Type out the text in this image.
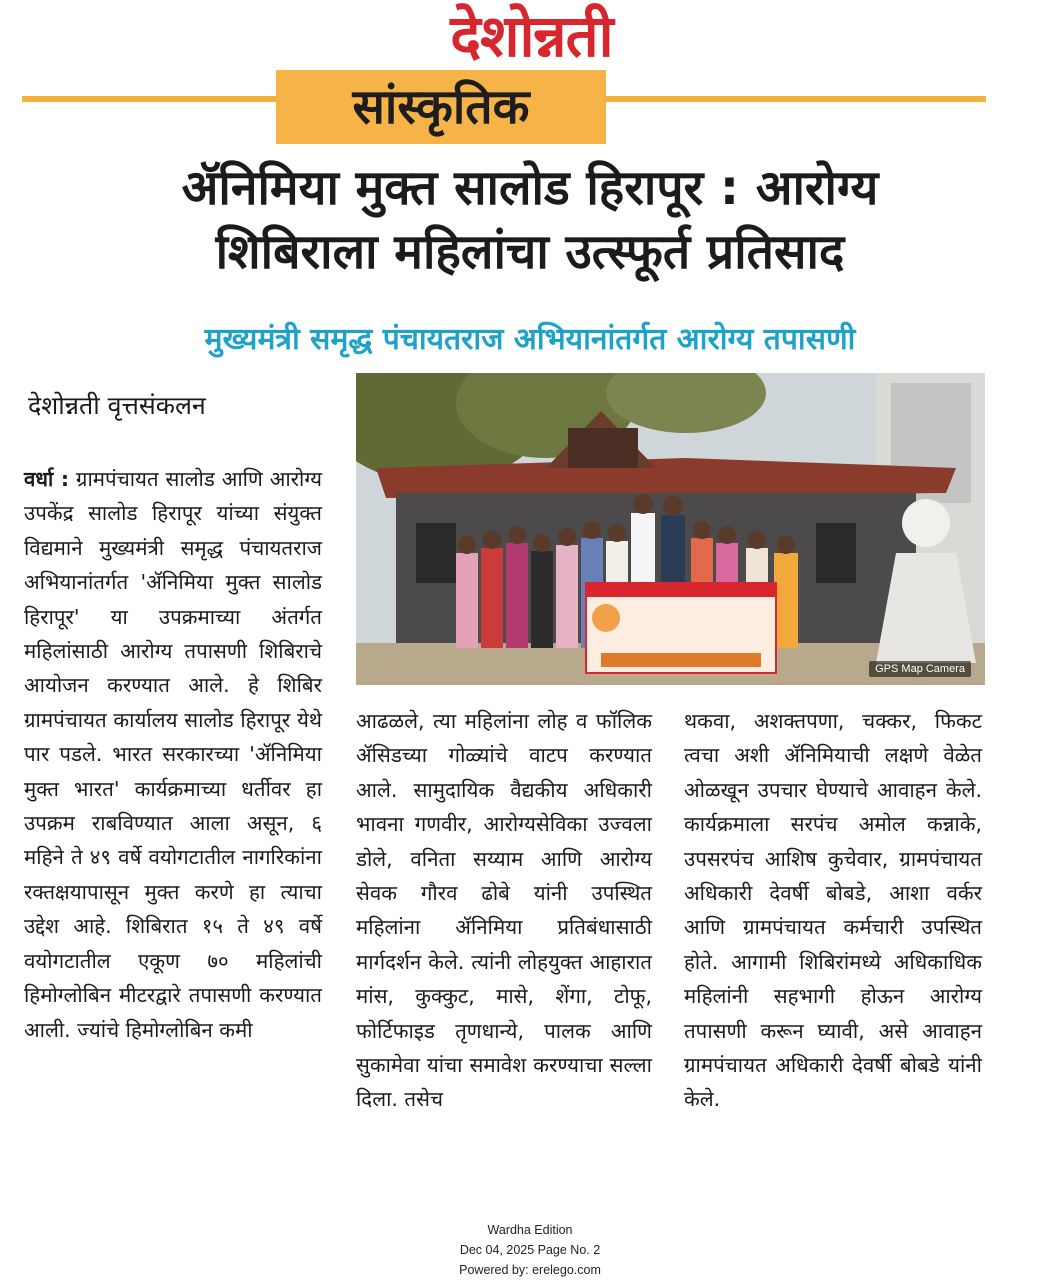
देशोन्नती
सांस्कृतिक
ॲनिमिया मुक्त सालोड हिरापूर : आरोग्य
शिबिराला महिलांचा उत्स्फूर्त प्रतिसाद
मुख्यमंत्री समृद्ध पंचायतराज अभियानांतर्गत आरोग्य तपासणी
देशोन्नती वृत्तसंकलन
GPS Map Camera
वर्धा : ग्रामपंचायत सालोड आणि आरोग्य उपकेंद्र सालोड हिरापूर यांच्या संयुक्त विद्यमाने मुख्यमंत्री समृद्ध पंचायतराज अभियानांतर्गत 'ॲनिमिया मुक्त सालोड हिरापूर' या उपक्रमाच्या अंतर्गत महिलांसाठी आरोग्य तपासणी शिबिराचे आयोजन करण्यात आले. हे शिबिर ग्रामपंचायत कार्यालय सालोड हिरापूर येथे पार पडले. भारत सरकारच्या 'ॲनिमिया मुक्त भारत' कार्यक्रमाच्या धर्तीवर हा उपक्रम राबविण्यात आला असून, ६ महिने ते ४९ वर्षे वयोगटातील नागरिकांना रक्तक्षयापासून मुक्त करणे हा त्याचा उद्देश आहे. शिबिरात १५ ते ४९ वर्षे वयोगटातील एकूण ७० महिलांची हिमोग्लोबिन मीटरद्वारे तपासणी करण्यात आली. ज्यांचे हिमोग्लोबिन कमी
आढळले, त्या महिलांना लोह व फॉलिक ॲसिडच्या गोळ्यांचे वाटप करण्यात आले. सामुदायिक वैद्यकीय अधिकारी भावना गणवीर, आरोग्यसेविका उज्वला डोले, वनिता सय्याम आणि आरोग्य सेवक गौरव ढोबे यांनी उपस्थित महिलांना ॲनिमिया प्रतिबंधासाठी मार्गदर्शन केले. त्यांनी लोहयुक्त आहारात मांस, कुक्कुट, मासे, शेंगा, टोफू, फोर्टिफाइड तृणधान्ये, पालक आणि सुकामेवा यांचा समावेश करण्याचा सल्ला दिला. तसेच
थकवा, अशक्तपणा, चक्कर, फिकट त्वचा अशी ॲनिमियाची लक्षणे वेळेत ओळखून उपचार घेण्याचे आवाहन केले. कार्यक्रमाला सरपंच अमोल कन्नाके, उपसरपंच आशिष कुचेवार, ग्रामपंचायत अधिकारी देवर्षी बोबडे, आशा वर्कर आणि ग्रामपंचायत कर्मचारी उपस्थित होते. आगामी शिबिरांमध्ये अधिकाधिक महिलांनी सहभागी होऊन आरोग्य तपासणी करून घ्यावी, असे आवाहन ग्रामपंचायत अधिकारी देवर्षी बोबडे यांनी केले.
Wardha Edition
Dec 04, 2025 Page No. 2
Powered by: erelego.com
